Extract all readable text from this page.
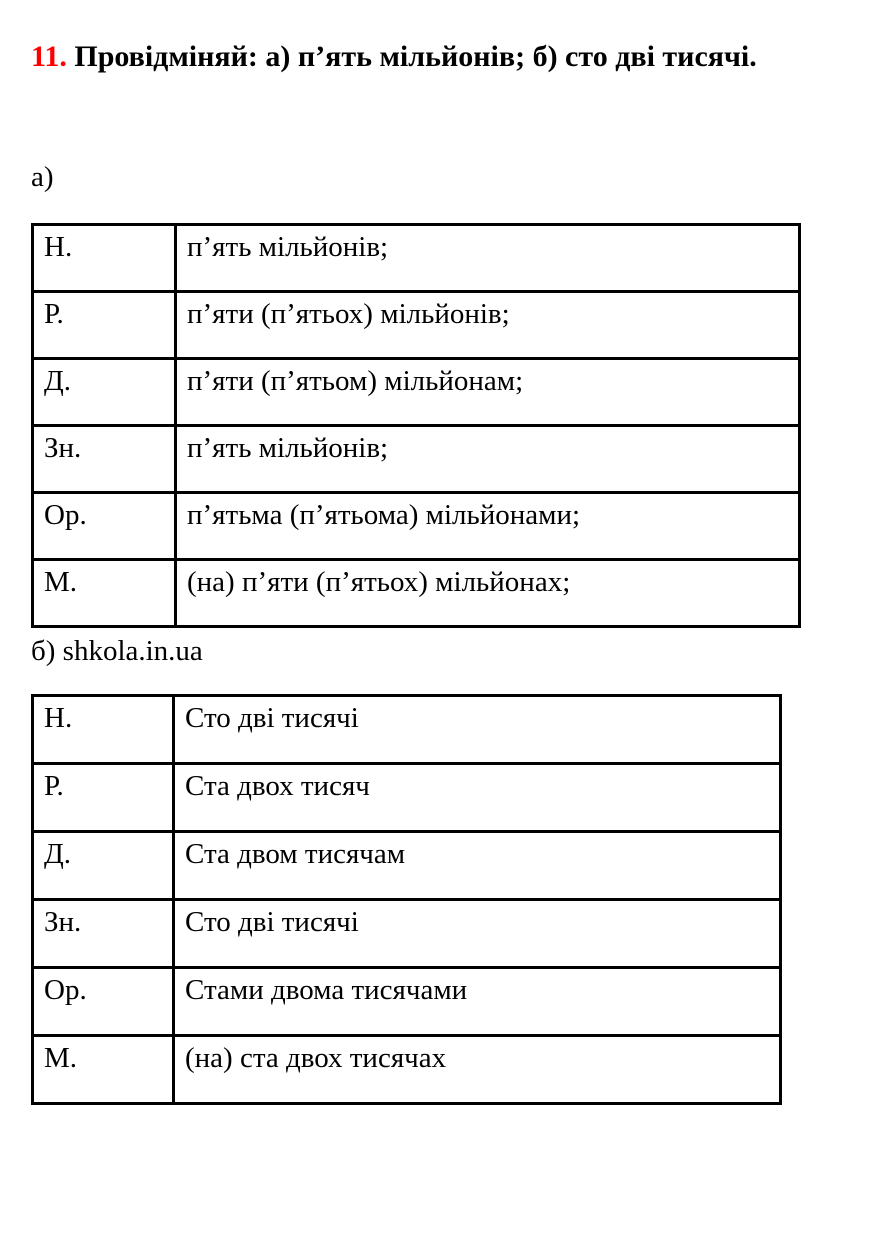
11. Провідміняй: а) п’ять мільйонів; б) сто дві тисячі.
а)
Н.	п’ять мільйонів;
Р.	п’яти (п’ятьох) мільйонів;
Д.	п’яти (п’ятьом) мільйонам;
Зн.	п’ять мільйонів;
Ор.	п’ятьма (п’ятьома) мільйонами;
М.	(на) п’яти (п’ятьох) мільйонах;
б) shkola.in.ua
Н.	Сто дві тисячі
Р.	Ста двох тисяч
Д.	Ста двом тисячам
Зн.	Сто дві тисячі
Ор.	Стами двома тисячами
М.	(на) ста двох тисячах
